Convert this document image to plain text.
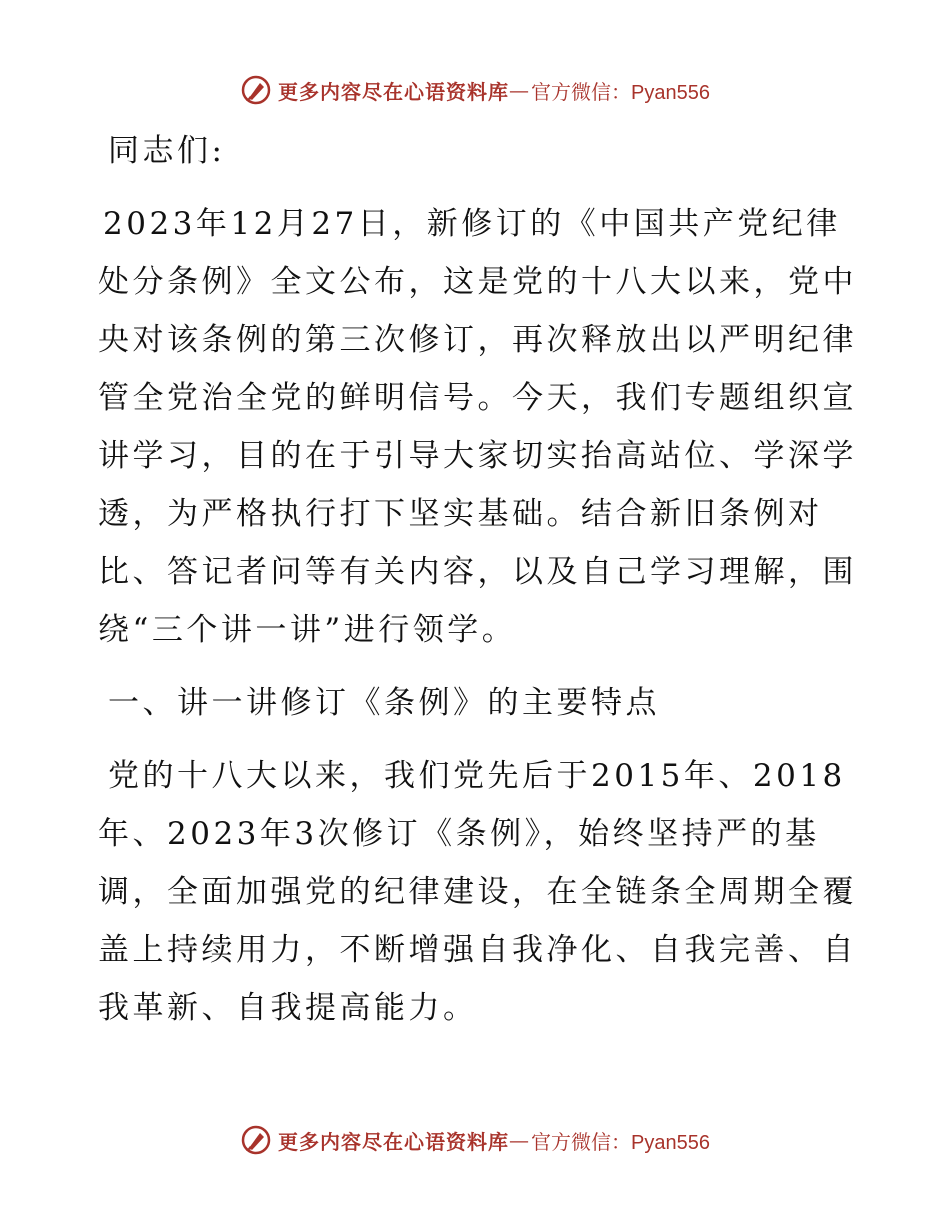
更多内容尽在心语资料库 — 官方微信：Pyan556

同志们:

2023年12月27日，新修订的《中国共产党纪律处分条例》全文公布，这是党的十八大以来，党中央对该条例的第三次修订，再次释放出以严明纪律管全党治全党的鲜明信号。今天，我们专题组织宣讲学习，目的在于引导大家切实抬高站位、学深学透，为严格执行打下坚实基础。结合新旧条例对比、答记者问等有关内容，以及自己学习理解，围绕“三个讲一讲”进行领学。

一、讲一讲修订《条例》的主要特点

党的十八大以来，我们党先后于2015年、2018年、2023年3次修订《条例》，始终坚持严的基调，全面加强党的纪律建设，在全链条全周期全覆盖上持续用力，不断增强自我净化、自我完善、自我革新、自我提高能力。

更多内容尽在心语资料库 — 官方微信：Pyan556
